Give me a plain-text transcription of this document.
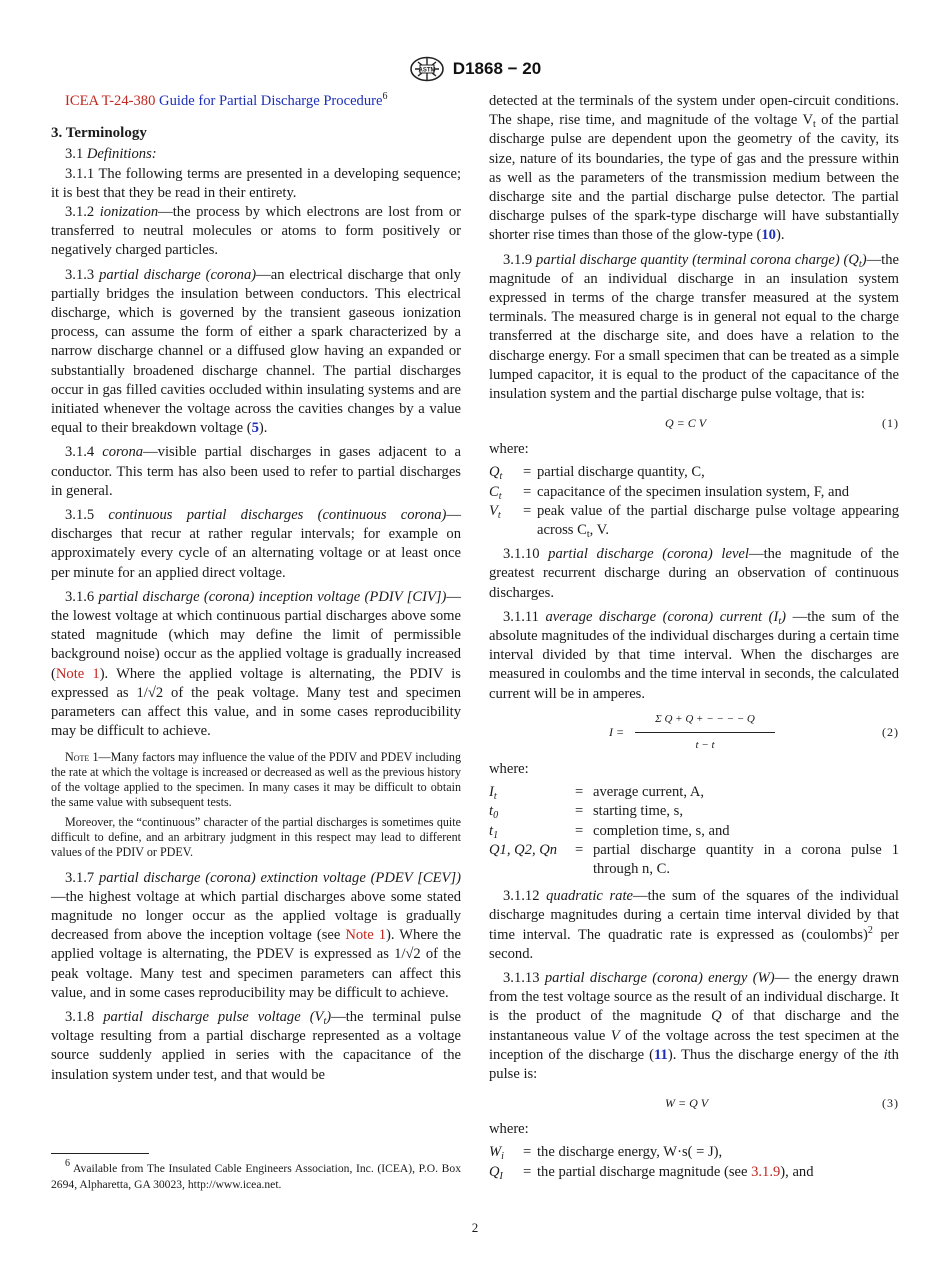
ASTM D1868 − 20

ICEA T-24-380 Guide for Partial Discharge Procedure$^6$

3. Terminology

3.1 Definitions:

3.1.1 The following terms are presented in a developing sequence; it is best that they be read in their entirety.

3.1.2 ionization—the process by which electrons are lost from or transferred to neutral molecules or atoms to form positively or negatively charged particles.

3.1.3 partial discharge (corona)—an electrical discharge that only partially bridges the insulation between conductors. This electrical discharge, which is governed by the transient gaseous ionization process, can assume the form of either a spark characterized by a narrow discharge channel or a diffused glow having an expanded or substantially broadened discharge channel. The partial discharges occur in gas filled cavities occluded within insulating systems and are initiated whenever the voltage across the cavities changes by a value equal to their breakdown voltage (5).

3.1.4 corona—visible partial discharges in gases adjacent to a conductor. This term has also been used to refer to partial discharges in general.

3.1.5 continuous partial discharges (continuous corona)—discharges that recur at rather regular intervals; for example on approximately every cycle of an alternating voltage or at least once per minute for an applied direct voltage.

3.1.6 partial discharge (corona) inception voltage (PDIV [CIV])—the lowest voltage at which continuous partial discharges above some stated magnitude (which may define the limit of permissible background noise) occur as the applied voltage is gradually increased (Note 1). Where the applied voltage is alternating, the PDIV is expressed as 1/√2 of the peak voltage. Many test and specimen parameters can affect this value, and in some cases reproducibility may be difficult to achieve.

Note 1—Many factors may influence the value of the PDIV and PDEV including the rate at which the voltage is increased or decreased as well as the previous history of the voltage applied to the specimen. In many cases it may be difficult to obtain the same value with subsequent tests.

Moreover, the “continuous” character of the partial discharges is sometimes quite difficult to define, and an arbitrary judgment in this respect may lead to different values of the PDIV or PDEV.

3.1.7 partial discharge (corona) extinction voltage (PDEV [CEV])—the highest voltage at which partial discharges above some stated magnitude no longer occur as the applied voltage is gradually decreased from above the inception voltage (see Note 1). Where the applied voltage is alternating, the PDEV is expressed as 1/√2 of the peak voltage. Many test and specimen parameters can affect this value, and in some cases reproducibility may be difficult to achieve.

3.1.8 partial discharge pulse voltage $(V_t)—the$ terminal pulse voltage resulting from a partial discharge represented as a voltage source suddenly applied in series with the capacitance of the insulation system under test, and that would be

detected at the terminals of the system under open-circuit conditions. The shape, rise time, and magnitude of the voltage $V_t$ of the partial discharge pulse are dependent upon the geometry of the cavity, its size, nature of its boundaries, the type of gas and the pressure within as well as the parameters of the transmission medium between the discharge site and the partial discharge pulse detector. The partial discharge pulses of the spark-type discharge will have substantially shorter rise times than those of the glow-type (10).

3.1.9 partial discharge quantity (terminal corona charge) $(Q_t)—the$ magnitude of an individual discharge in an insulation system expressed in terms of the charge transfer measured at the system terminals. The measured charge is in general not equal to the charge transferred at the discharge site, and does have a relation to the discharge energy. For a small specimen that can be treated as a simple lumped capacitor, it is equal to the product of the capacitance of the insulation system and the partial discharge pulse voltage, that is:

Q = C V	(1)

where:

$Q_t$	= partial discharge quantity, C,
$C_t$	= capacitance of the specimen insulation system, F, and
$V_t$	= peak value of the partial discharge pulse voltage appearing across $C_t$, V.

3.1.10 partial discharge (corona) level—the magnitude of the greatest recurrent discharge during an observation of continuous discharges.

3.1.11 average discharge (corona) current $(I_t)$ —the sum of the absolute magnitudes of the individual discharges during a certain time interval divided by that time interval. When the discharges are measured in coulombs and the time interval in seconds, the calculated current will be in amperes.

$I = \frac{\text{Σ Q + Q + − − − − Q}}{t - t}$	(2)

where:

$I_t$	= average current, A,
$t_0$	= starting time, s,
$t_1$	= completion time, s, and
Q1, Q2, Qn	= partial discharge quantity in a corona pulse 1 through n, C.

3.1.12 quadratic rate—the sum of the squares of the individual discharge magnitudes during a certain time interval divided by that time interval. The quadratic rate is expressed as (coulombs)$^2$ per second.

3.1.13 partial discharge (corona) energy (W)— the energy drawn from the test voltage source as the result of an individual discharge. It is the product of the magnitude Q of that discharge and the instantaneous value V of the voltage across the test specimen at the inception of the discharge (11). Thus the discharge energy of the ith pulse is:

W = Q V	(3)

where:

$W_i$	= the discharge energy, W·s( = J),
$Q_I$	= the partial discharge magnitude (see 3.1.9), and
$^6$ Available from The Insulated Cable Engineers Association, Inc. (ICEA), P.O. Box 2694, Alpharetta, GA 30023, http://www.icea.net.
2
